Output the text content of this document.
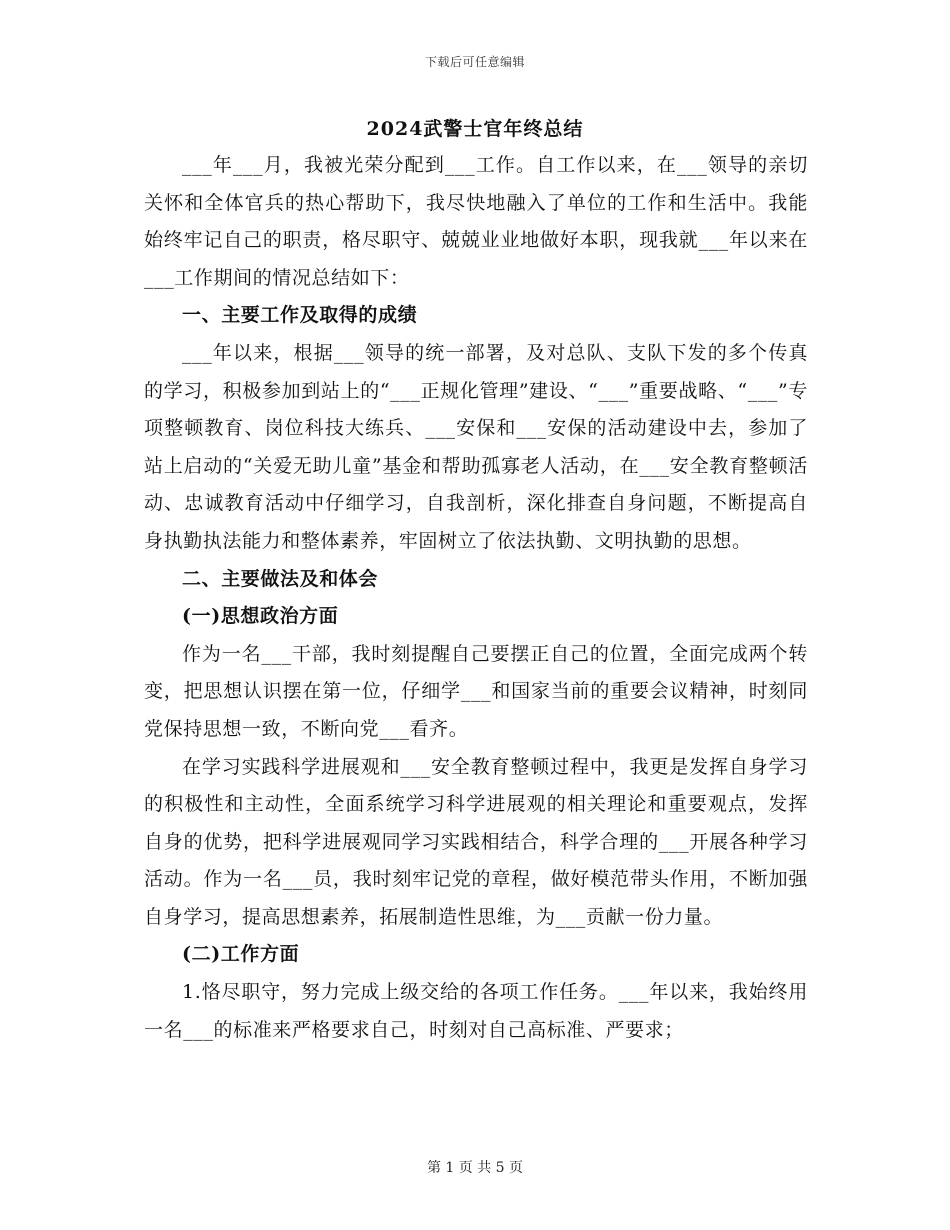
下载后可任意编辑
2024武警士官年终总结

___年___月，我被光荣分配到___工作。自工作以来，在___领导的亲切关怀和全体官兵的热心帮助下，我尽快地融入了单位的工作和生活中。我能始终牢记自己的职责，格尽职守、兢兢业业地做好本职，现我就___年以来在___工作期间的情况总结如下：

一、主要工作及取得的成绩

___年以来，根据___领导的统一部署，及对总队、支队下发的多个传真的学习，积极参加到站上的“___正规化管理”建设、“___”重要战略、“___”专项整顿教育、岗位科技大练兵、___安保和___安保的活动建设中去，参加了站上启动的“关爱无助儿童”基金和帮助孤寡老人活动，在___安全教育整顿活动、忠诚教育活动中仔细学习，自我剖析，深化排查自身问题，不断提高自身执勤执法能力和整体素养，牢固树立了依法执勤、文明执勤的思想。

二、主要做法及和体会

(一)思想政治方面

作为一名___干部，我时刻提醒自己要摆正自己的位置，全面完成两个转变，把思想认识摆在第一位，仔细学___和国家当前的重要会议精神，时刻同党保持思想一致，不断向党___看齐。

在学习实践科学进展观和___安全教育整顿过程中，我更是发挥自身学习的积极性和主动性，全面系统学习科学进展观的相关理论和重要观点，发挥自身的优势，把科学进展观同学习实践相结合，科学合理的___开展各种学习活动。作为一名___员，我时刻牢记党的章程，做好模范带头作用，不断加强自身学习，提高思想素养，拓展制造性思维，为___贡献一份力量。

(二)工作方面

1.恪尽职守，努力完成上级交给的各项工作任务。___年以来，我始终用一名___的标准来严格要求自己，时刻对自己高标准、严要求；

第 1 页 共 5 页
